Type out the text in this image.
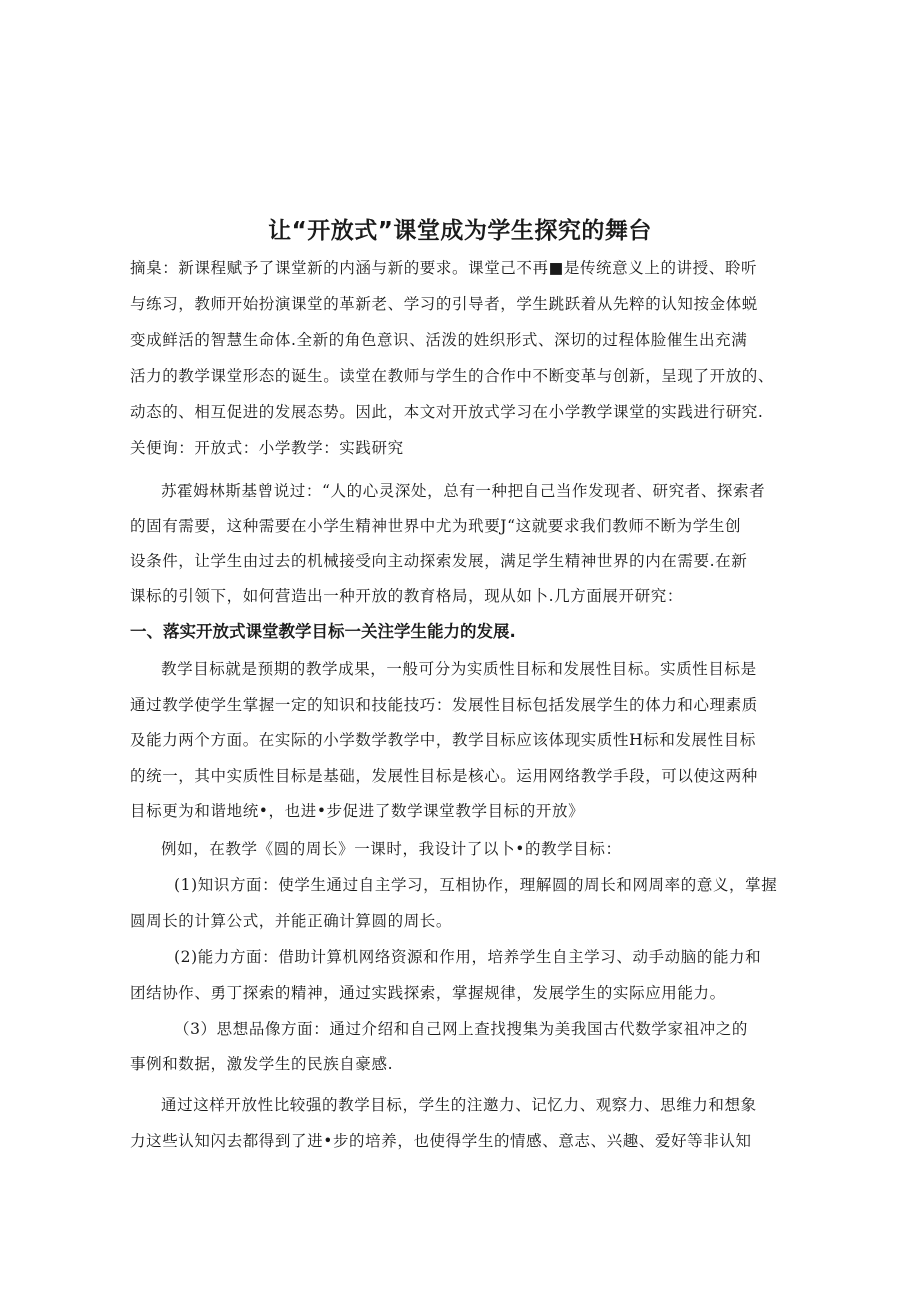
让“开放式”课堂成为学生探究的舞台
摘臬：新课程赋予了课堂新的内涵与新的要求。课堂己不再■是传统意义上的讲授、聆听
与练习，教师开始扮演课堂的革新老、学习的引导者，学生跳跃着从先粹的认知按金体蜕
变成鲜活的智慧生命体.全新的角色意识、活泼的姓织形式、深切的过程体脸催生出充满
活力的教学课堂形态的诞生。读堂在教师与学生的合作中不断变革与创新，呈现了开放的、
动态的、相互促进的发展态势。因此，本文对开放式学习在小学教学课堂的实践进行研究.
关便询：开放式：小学教学：实践研究
苏霍姆林斯基曾说过：“人的心灵深处，总有一种把自己当作发现者、研究者、探索者
的固有需要，这种需要在小学生精神世界中尤为玳要J“这就要求我们教师不断为学生创
设条件，让学生由过去的机械接受向主动探索发展，满足学生精神世界的内在需要.在新
课标的引领下，如何营造出一种开放的教育格局，现从如卜.几方面展开研究：
一、落实开放式课堂教学目标一关注学生能力的发展.
教学目标就是预期的教学成果，一般可分为实质性目标和发展性目标。实质性目标是
通过教学使学生掌握一定的知识和技能技巧：发展性目标包括发展学生的体力和心理素质
及能力两个方面。在实际的小学数学教学中，教学目标应该体现实质性H标和发展性目标
的统一，其中实质性目标是基础，发展性目标是核心。运用网络教学手段，可以使这两种
目标更为和谐地统•，也进•步促进了数学课堂教学目标的开放》
例如，在教学《圆的周长》一课时，我设计了以卜•的教学目标：
(1)知识方面：使学生通过自主学习，互相协作，理解圆的周长和网周率的意义，掌握
圆周长的计算公式，并能正确计算圆的周长。
(2)能力方面：借助计算机网络资源和作用，培养学生自主学习、动手动脑的能力和
团结协作、勇丁探索的精神，通过实践探索，掌握规律，发展学生的实际应用能力。
（3）思想品像方面：通过介绍和自己网上查找搜集为美我国古代数学家祖冲之的
事例和数据，激发学生的民族自豪感.
通过这样开放性比较强的教学目标，学生的注邀力、记忆力、观察力、思维力和想象
力这些认知闪去都得到了进•步的培养，也使得学生的情感、意志、兴趣、爱好等非认知
